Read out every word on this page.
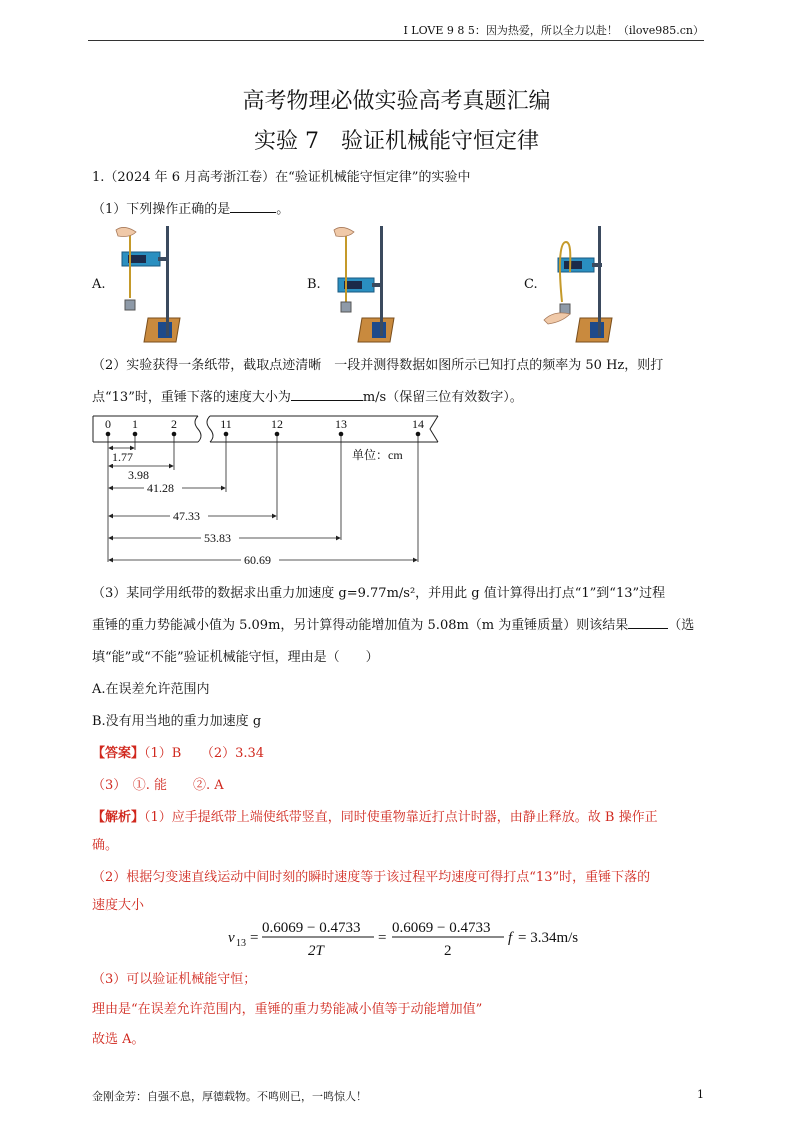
I LOVE 9 8 5：因为热爱，所以全力以赴！（ilove985.cn）
高考物理必做实验高考真题汇编
实验 7　验证机械能守恒定律
1.（2024 年 6 月高考浙江卷）在“验证机械能守恒定律”的实验中
（1）下列操作正确的是	。
A.	B.	C.
（2）实验获得一条纸带，截取点迹清晰　一段并测得数据如图所示已知打点的频率为 50 Hz，则打
点“13”时，重锤下落的速度大小为	m/s（保留三位有效数字）。
0 1	2	11	12	13	14
1.77
3.98
41.28
47.33
53.83
60.69
单位：cm
（3）某同学用纸带的数据求出重力加速度 g=9.77m/s²，并用此 g 值计算得出打点“1”到“13”过程
重锤的重力势能减小值为 5.09m，另计算得动能增加值为 5.08m（m 为重锤质量）则该结果	（选
填“能”或“不能”验证机械能守恒，理由是（　　）
A.在误差允许范围内
B.没有用当地的重力加速度 g
【答案】（1）B　　（2）3.34
（3）　①. 能　　②. A
【解析】（1）应手提纸带上端使纸带竖直，同时使重物靠近打点计时器，由静止释放。故 B 操作正
确。
（2）根据匀变速直线运动中间时刻的瞬时速度等于该过程平均速度可得打点“13”时，重锤下落的
速度大小
v 13 =
0.6069 − 0.4733
2T
=
0.6069 − 0.4733
2
f = 3.34m/s
（3）可以验证机械能守恒；
理由是“在误差允许范围内，重锤的重力势能减小值等于动能增加值”
故选 A。
金刚金芳：自强不息，厚德载物。不鸣则已，一鸣惊人！	1
